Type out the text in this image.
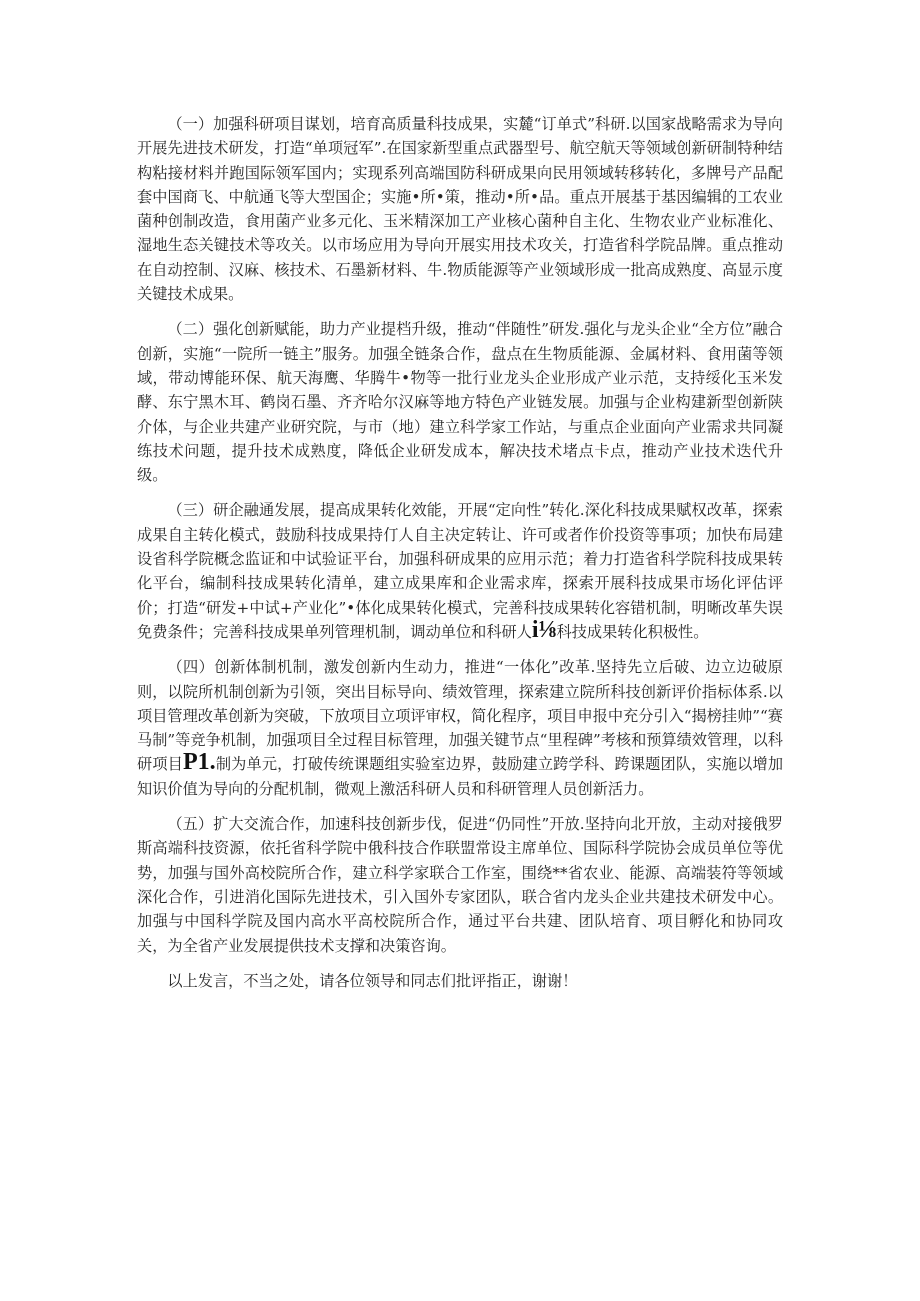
（一）加强科研项目谋划，培育高质量科技成果，实麓“订单式”科研.以国家战略需求为导向开展先进技术研发，打造“单项冠军”.在国家新型重点武器型号、航空航天等领域创新研制特种结构粘接材料并跑国际领军国内；实现系列高端国防科研成果向民用领域转移转化，多牌号产品配套中国商飞、中航通飞等大型国企；实施•所•策，推动•所•品。重点开展基于基因编辑的工农业菌种创制改造，食用菌产业多元化、玉米精深加工产业核心菌种自主化、生物农业产业标准化、湿地生态关键技术等攻关。以市场应用为导向开展实用技术攻关，打造省科学院品牌。重点推动在自动控制、汉麻、核技术、石墨新材料、牛.物质能源等产业领域形成一批高成熟度、高显示度关键技术成果。

（二）强化创新赋能，助力产业提档升级，推动“伴随性”研发.强化与龙头企业“全方位”融合创新，实施“一院所一链主”服务。加强全链条合作，盘点在生物质能源、金属材料、食用菌等领域，带动博能环保、航天海鹰、华腾牛•物等一批行业龙头企业形成产业示范，支持绥化玉米发酵、东宁黑木耳、鹤岗石墨、齐齐哈尔汉麻等地方特色产业链发展。加强与企业构建新型创新陕介体，与企业共建产业研究院，与市（地）建立科学家工作站，与重点企业面向产业需求共同凝练技术问题，提升技术成熟度，降低企业研发成本，解决技术堵点卡点，推动产业技术迭代升级。

（三）研企融通发展，提高成果转化效能，开展“定向性”转化.深化科技成果赋权改革，探索成果自主转化模式，鼓励科技成果持仃人自主决定转让、许可或者作价投资等事项；加快布局建设省科学院概念监证和中试验证平台，加强科研成果的应用示范；着力打造省科学院科技成果转化平台，编制科技成果转化清单，建立成果库和企业需求库，探索开展科技成果市场化评估评价；打造“研发+中试+产业化”•体化成果转化模式，完善科技成果转化容错机制，明晰改革失误免费条件；完善科技成果单列管理机制，调动单位和科研人i⅛科技成果转化积极性。

（四）创新体制机制，激发创新内生动力，推进“一体化”改革.坚持先立后破、边立边破原则，以院所机制创新为引领，突出目标导向、绩效管理，探索建立院所科技创新评价指标体系.以项目管理改革创新为突破，下放项目立项评审权，简化程序，项目申报中充分引入“揭榜挂帅”“赛马制”等竞争机制，加强项目全过程目标管理，加强关键节点“里程碑”考核和预算绩效管理，以科研项目P1.制为单元，打破传统课题组实验室边界，鼓励建立跨学科、跨课题团队，实施以增加知识价值为导向的分配机制，微观上激活科研人员和科研管理人员创新活力。

（五）扩大交流合作，加速科技创新步伐，促进“仍同性”开放.坚持向北开放，主动对接俄罗斯高端科技资源，依托省科学院中俄科技合作联盟常设主席单位、国际科学院协会成员单位等优势，加强与国外高校院所合作，建立科学家联合工作室，围绕**省农业、能源、高端装符等领域深化合作，引进消化国际先进技术，引入国外专家团队，联合省内龙头企业共建技术研发中心。加强与中国科学院及国内高水平高校院所合作，通过平台共建、团队培育、项目孵化和协同攻关，为全省产业发展提供技术支撑和决策咨询。

以上发言，不当之处，请各位领导和同志们批评指正，谢谢！
